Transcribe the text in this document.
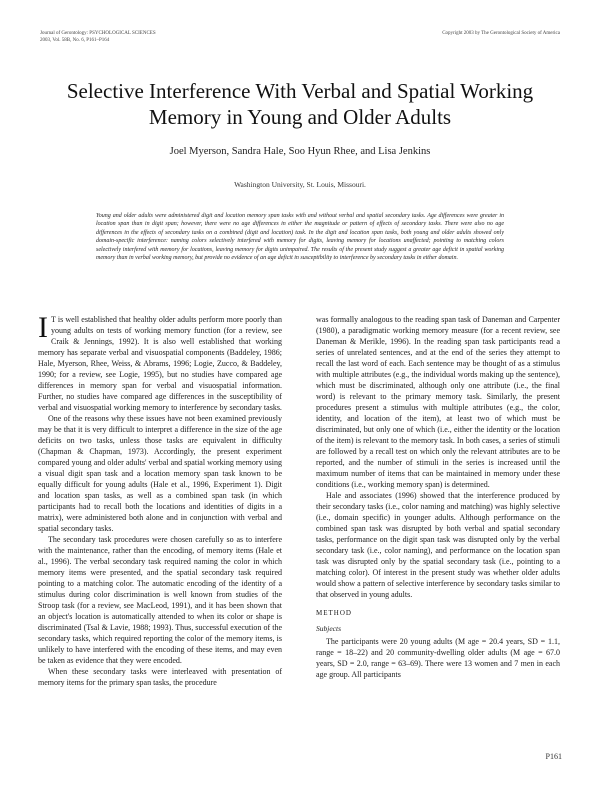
Journal of Gerontology: PSYCHOLOGICAL SCIENCES
2003, Vol. 58B, No. 6, P161–P164
Copyright 2003 by The Gerontological Society of America
Selective Interference With Verbal and Spatial Working Memory in Young and Older Adults
Joel Myerson, Sandra Hale, Soo Hyun Rhee, and Lisa Jenkins
Washington University, St. Louis, Missouri.
Young and older adults were administered digit and location memory span tasks with and without verbal and spatial secondary tasks. Age differences were greater in location span than in digit span; however, there were no age differences in either the magnitude or pattern of effects of secondary tasks. There were also no age differences in the effects of secondary tasks on a combined (digit and location) task. In the digit and location span tasks, both young and older adults showed only domain-specific interference: naming colors selectively interfered with memory for digits, leaving memory for locations unaffected; pointing to matching colors selectively interfered with memory for locations, leaving memory for digits unimpaired. The results of the present study suggest a greater age deficit in spatial working memory than in verbal working memory, but provide no evidence of an age deficit in susceptibility to interference by secondary tasks in either domain.

I T is well established that healthy older adults perform more poorly than young adults on tests of working memory function (for a review, see Craik & Jennings, 1992). It is also well established that working memory has separate verbal and visuospatial components (Baddeley, 1986; Hale, Myerson, Rhee, Weiss, & Abrams, 1996; Logie, Zucco, & Baddeley, 1990; for a review, see Logie, 1995), but no studies have compared age differences in memory span for verbal and visuospatial information. Further, no studies have compared age differences in the susceptibility of verbal and visuospatial working memory to interference by secondary tasks.

One of the reasons why these issues have not been examined previously may be that it is very difficult to interpret a difference in the size of the age deficits on two tasks, unless those tasks are equivalent in difficulty (Chapman & Chapman, 1973). Accordingly, the present experiment compared young and older adults' verbal and spatial working memory using a visual digit span task and a location memory span task known to be equally difficult for young adults (Hale et al., 1996, Experiment 1). Digit and location span tasks, as well as a combined span task (in which participants had to recall both the locations and identities of digits in a matrix), were administered both alone and in conjunction with verbal and spatial secondary tasks.

The secondary task procedures were chosen carefully so as to interfere with the maintenance, rather than the encoding, of memory items (Hale et al., 1996). The verbal secondary task required naming the color in which memory items were presented, and the spatial secondary task required pointing to a matching color. The automatic encoding of the identity of a stimulus during color discrimination is well known from studies of the Stroop task (for a review, see MacLeod, 1991), and it has been shown that an object's location is automatically attended to when its color or shape is discriminated (Tsal & Lavie, 1988; 1993). Thus, successful execution of the secondary tasks, which required reporting the color of the memory items, is unlikely to have interfered with the encoding of these items, and may even be taken as evidence that they were encoded.

When these secondary tasks were interleaved with presentation of memory items for the primary span tasks, the procedure

was formally analogous to the reading span task of Daneman and Carpenter (1980), a paradigmatic working memory measure (for a recent review, see Daneman & Merikle, 1996). In the reading span task participants read a series of unrelated sentences, and at the end of the series they attempt to recall the last word of each. Each sentence may be thought of as a stimulus with multiple attributes (e.g., the individual words making up the sentence), which must be discriminated, although only one attribute (i.e., the final word) is relevant to the primary memory task. Similarly, the present procedures present a stimulus with multiple attributes (e.g., the color, identity, and location of the item), at least two of which must be discriminated, but only one of which (i.e., either the identity or the location of the item) is relevant to the memory task. In both cases, a series of stimuli are followed by a recall test on which only the relevant attributes are to be reported, and the number of stimuli in the series is increased until the maximum number of items that can be maintained in memory under these conditions (i.e., working memory span) is determined.

Hale and associates (1996) showed that the interference produced by their secondary tasks (i.e., color naming and matching) was highly selective (i.e., domain specific) in younger adults. Although performance on the combined span task was disrupted by both verbal and spatial secondary tasks, performance on the digit span task was disrupted only by the verbal secondary task (i.e., color naming), and performance on the location span task was disrupted only by the spatial secondary task (i.e., pointing to a matching color). Of interest in the present study was whether older adults would show a pattern of selective interference by secondary tasks similar to that observed in young adults.

METHOD
Subjects

The participants were 20 young adults (M age = 20.4 years, SD = 1.1, range = 18–22) and 20 community-dwelling older adults (M age = 67.0 years, SD = 2.0, range = 63–69). There were 13 women and 7 men in each age group. All participants

P161
